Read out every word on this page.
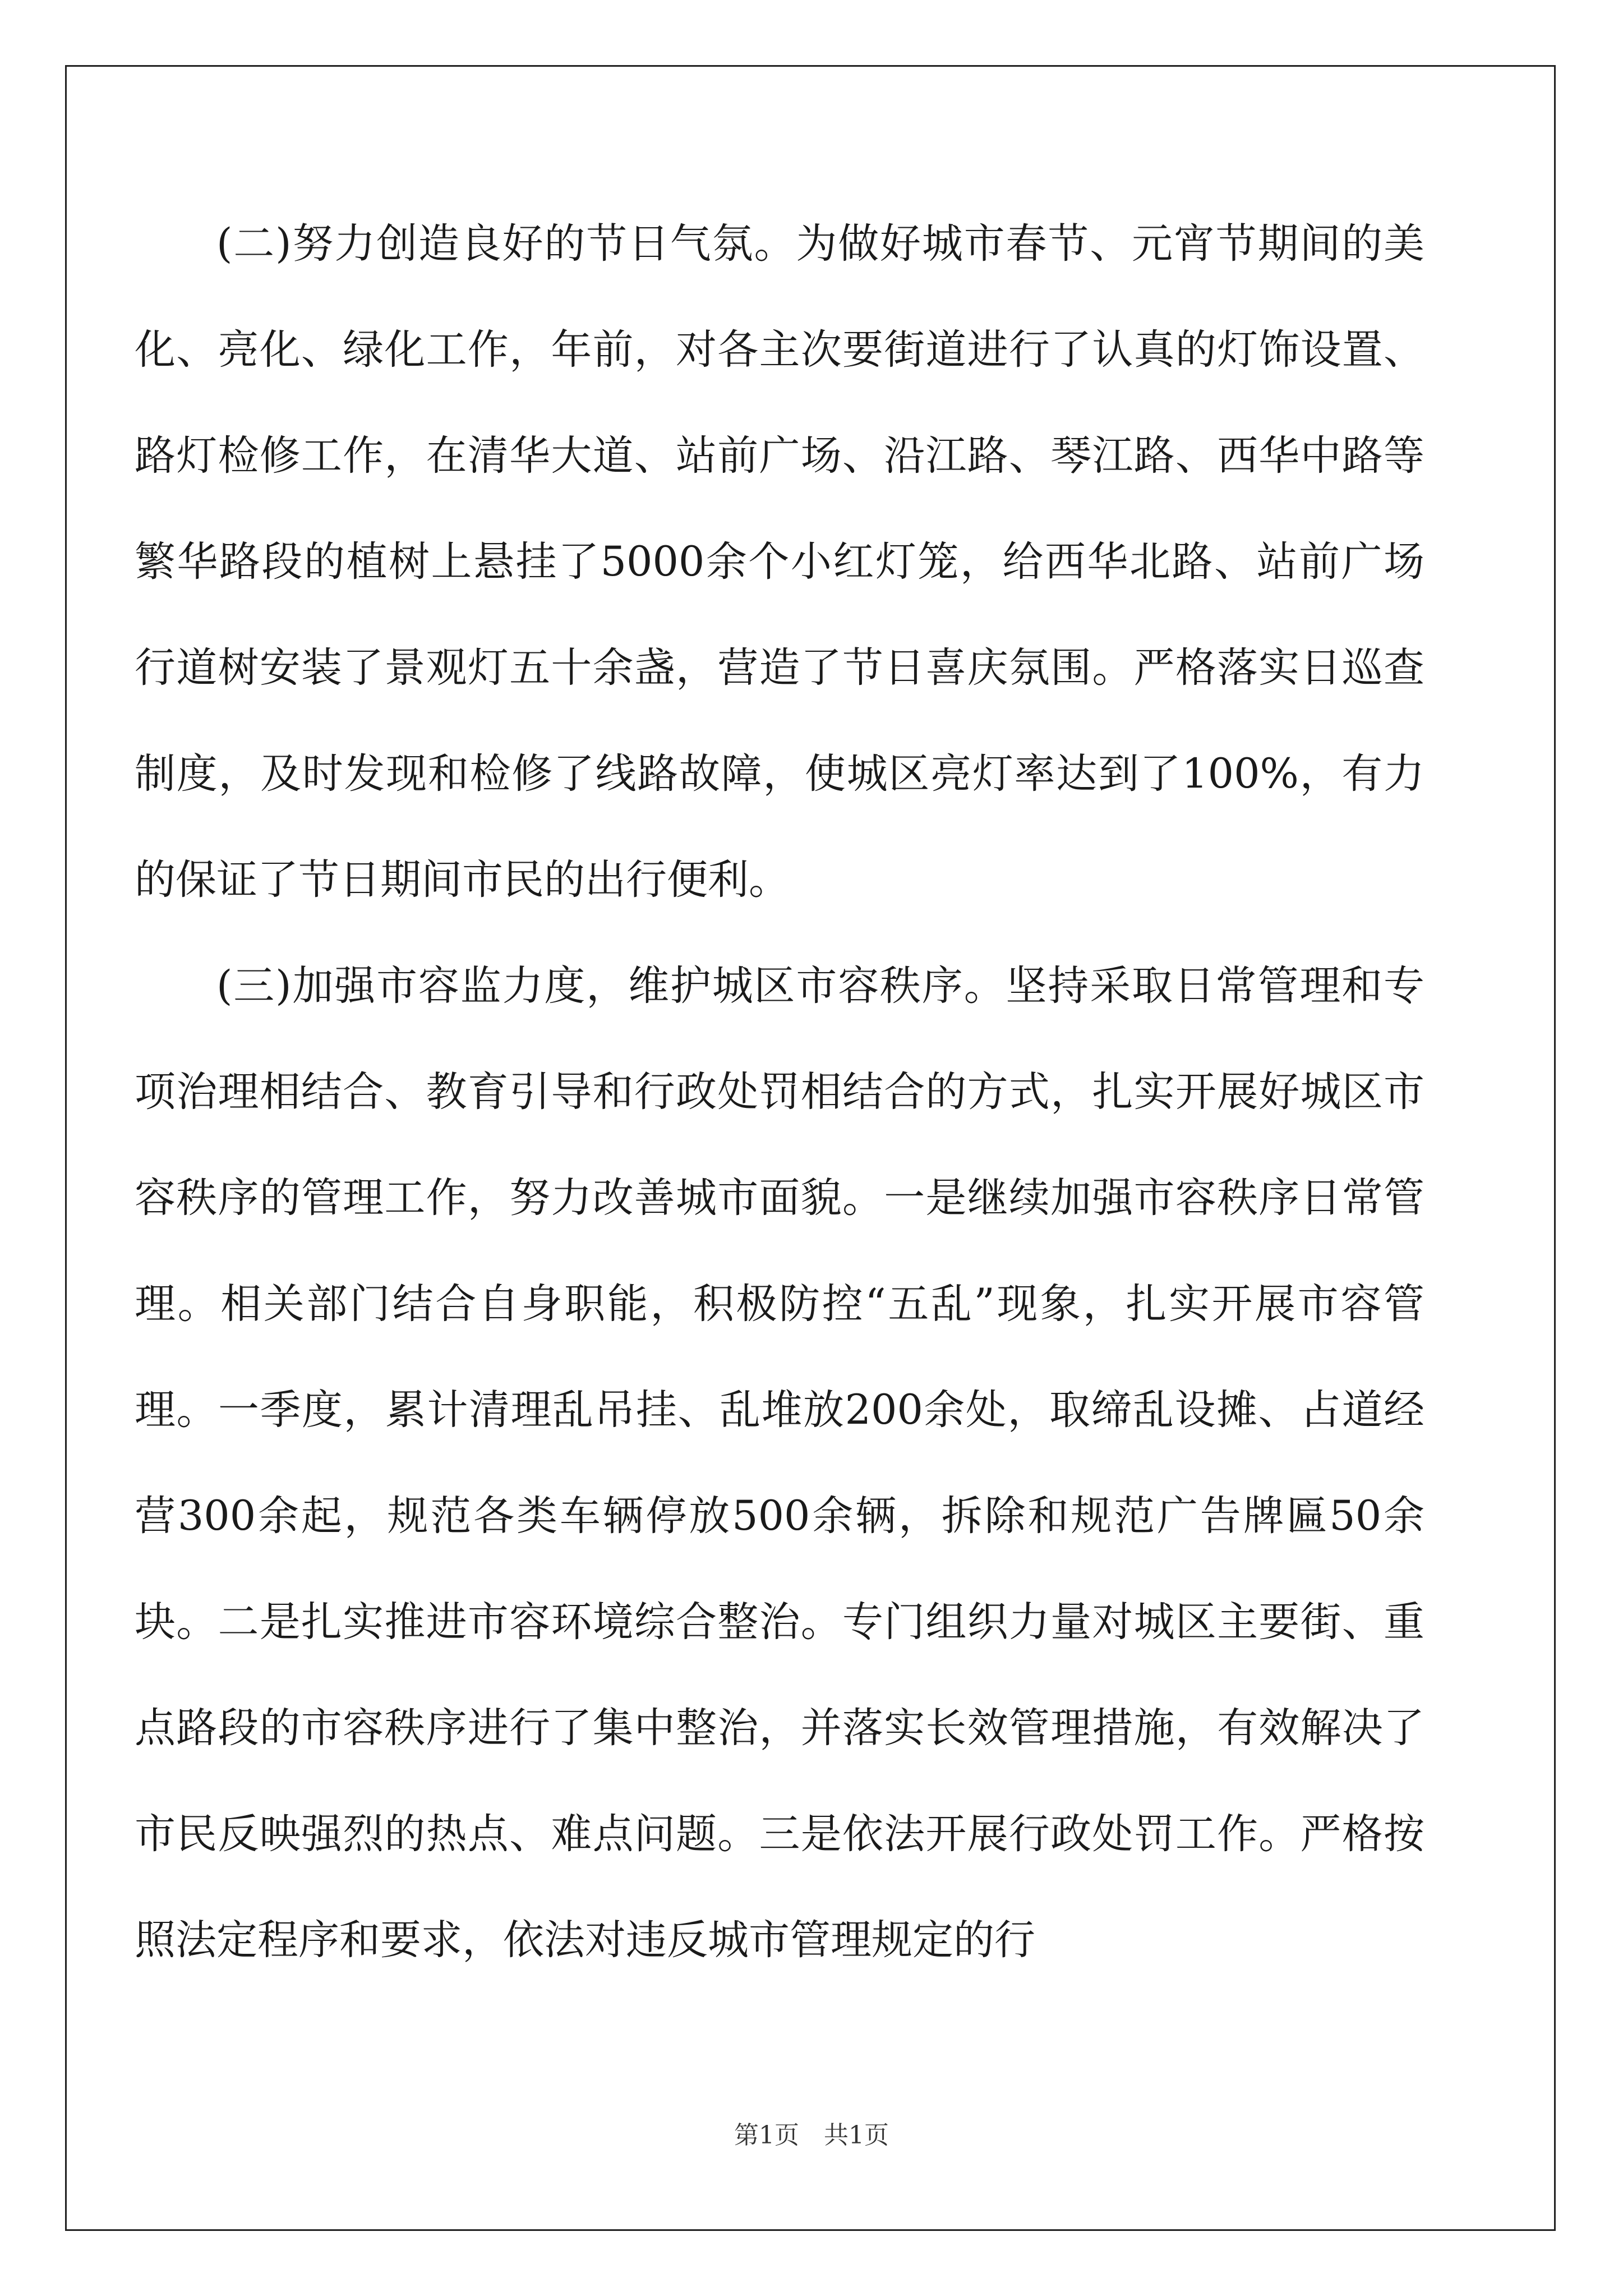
(二)努力创造良好的节日气氛。为做好城市春节、元宵节期间的美化、亮化、绿化工作，年前，对各主次要街道进行了认真的灯饰设置、路灯检修工作，在清华大道、站前广场、沿江路、琴江路、西华中路等繁华路段的植树上悬挂了5000余个小红灯笼，给西华北路、站前广场行道树安装了景观灯五十余盏，营造了节日喜庆氛围。严格落实日巡查制度，及时发现和检修了线路故障，使城区亮灯率达到了100%，有力的保证了节日期间市民的出行便利。

(三)加强市容监力度，维护城区市容秩序。坚持采取日常管理和专项治理相结合、教育引导和行政处罚相结合的方式，扎实开展好城区市容秩序的管理工作，努力改善城市面貌。一是继续加强市容秩序日常管理。相关部门结合自身职能，积极防控“五乱”现象，扎实开展市容管理。一季度，累计清理乱吊挂、乱堆放200余处，取缔乱设摊、占道经营300余起，规范各类车辆停放500余辆，拆除和规范广告牌匾50余块。二是扎实推进市容环境综合整治。专门组织力量对城区主要街、重点路段的市容秩序进行了集中整治，并落实长效管理措施，有效解决了市民反映强烈的热点、难点问题。三是依法开展行政处罚工作。严格按照法定程序和要求，依法对违反城市管理规定的行

第1页　共1页
